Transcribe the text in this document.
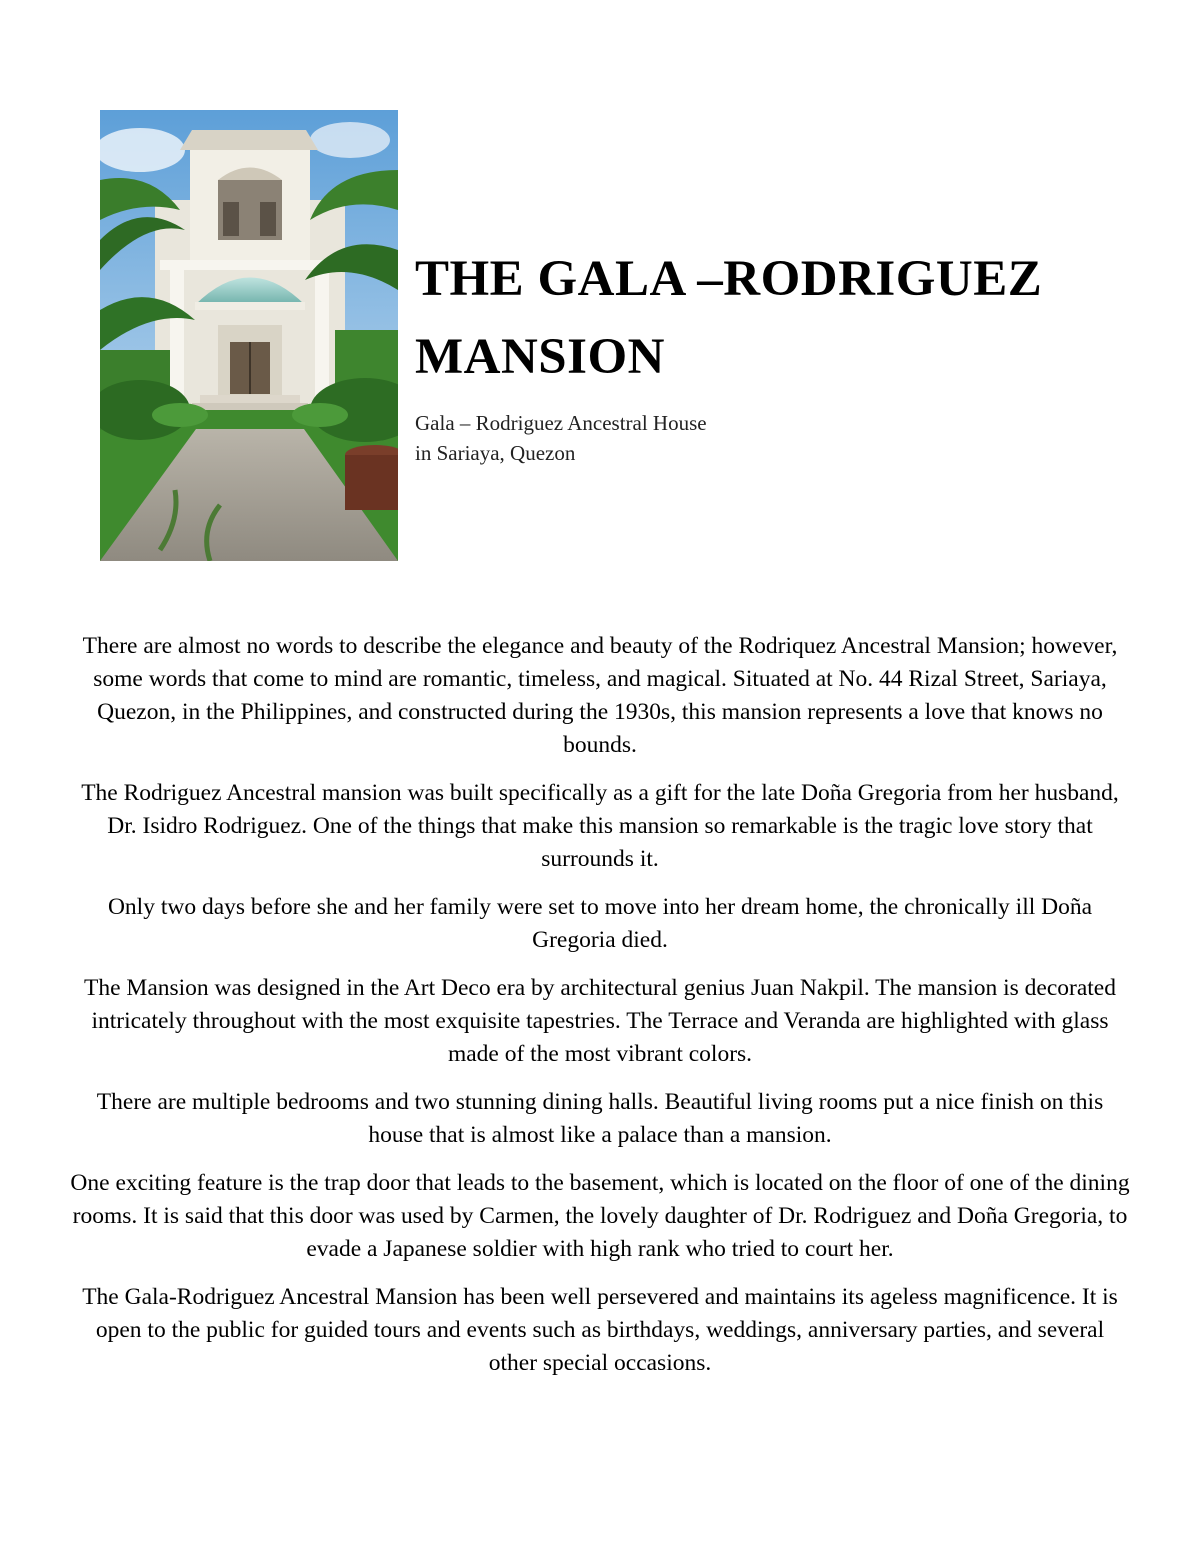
THE GALA –RODRIGUEZ MANSION
Gala – Rodriguez Ancestral House
in Sariaya, Quezon

There are almost no words to describe the elegance and beauty of the Rodriquez Ancestral Mansion; however, some words that come to mind are romantic, timeless, and magical. Situated at No. 44 Rizal Street, Sariaya, Quezon, in the Philippines, and constructed during the 1930s, this mansion represents a love that knows no bounds.

The Rodriguez Ancestral mansion was built specifically as a gift for the late Doña Gregoria from her husband, Dr. Isidro Rodriguez. One of the things that make this mansion so remarkable is the tragic love story that surrounds it.

Only two days before she and her family were set to move into her dream home, the chronically ill Doña Gregoria died.

The Mansion was designed in the Art Deco era by architectural genius Juan Nakpil. The mansion is decorated intricately throughout with the most exquisite tapestries. The Terrace and Veranda are highlighted with glass made of the most vibrant colors.

There are multiple bedrooms and two stunning dining halls. Beautiful living rooms put a nice finish on this house that is almost like a palace than a mansion.

One exciting feature is the trap door that leads to the basement, which is located on the floor of one of the dining rooms. It is said that this door was used by Carmen, the lovely daughter of Dr. Rodriguez and Doña Gregoria, to evade a Japanese soldier with high rank who tried to court her.

The Gala-Rodriguez Ancestral Mansion has been well persevered and maintains its ageless magnificence. It is open to the public for guided tours and events such as birthdays, weddings, anniversary parties, and several other special occasions.
